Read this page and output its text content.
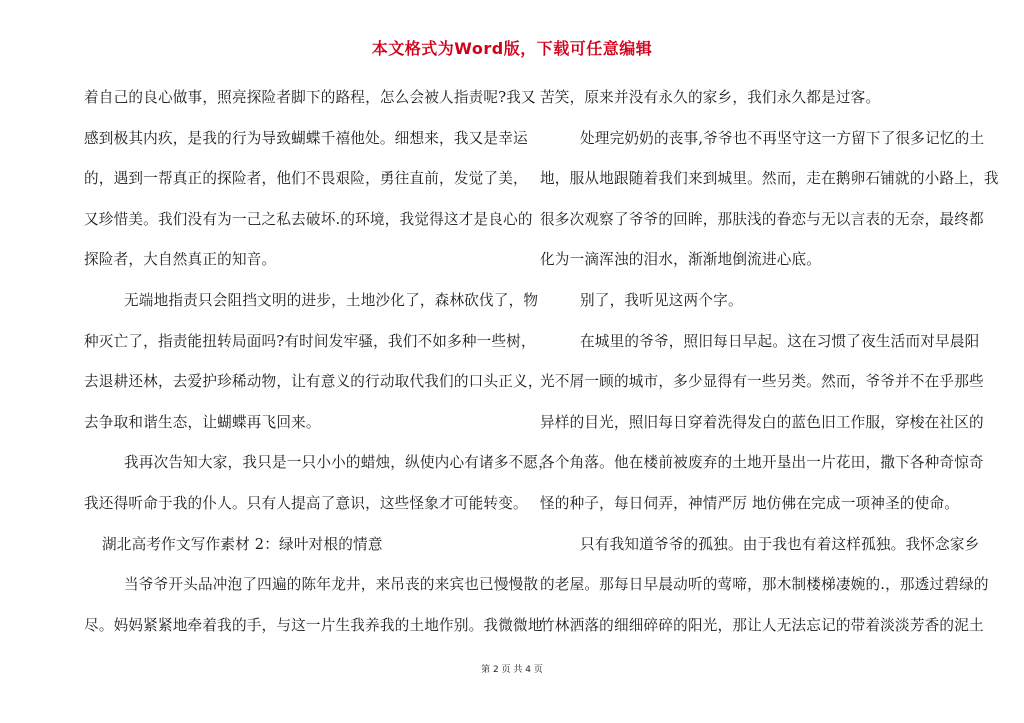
本文格式为Word版，下载可任意编辑
着自己的良心做事，照亮探险者脚下的路程，怎么会被人指责呢?我又
感到极其内疚，是我的行为导致蝴蝶千禧他处。细想来，我又是幸运
的，遇到一帮真正的探险者，他们不畏艰险，勇往直前，发觉了美，
又珍惜美。我们没有为一己之私去破坏.的环境，我觉得这才是良心的
探险者，大自然真正的知音。
无端地指责只会阻挡文明的进步，土地沙化了，森林砍伐了，物
种灭亡了，指责能扭转局面吗?有时间发牢骚，我们不如多种一些树，
去退耕还林，去爱护珍稀动物，让有意义的行动取代我们的口头正义，
去争取和谐生态，让蝴蝶再飞回来。
我再次告知大家，我只是一只小小的蜡烛，纵使内心有诸多不愿，
我还得听命于我的仆人。只有人提高了意识，这些怪象才可能转变。
湖北高考作文写作素材 2：绿叶对根的情意
当爷爷开头品冲泡了四遍的陈年龙井，来吊丧的来宾也已慢慢散
尽。妈妈紧紧地牵着我的手，与这一片生我养我的土地作别。我微微地
苦笑，原来并没有永久的家乡，我们永久都是过客。
处理完奶奶的丧事,爷爷也不再坚守这一方留下了很多记忆的土
地，服从地跟随着我们来到城里。然而，走在鹅卵石铺就的小路上，我
很多次观察了爷爷的回眸，那肤浅的眷恋与无以言表的无奈，最终都
化为一滴浑浊的泪水，渐渐地倒流进心底。
别了，我听见这两个字。
在城里的爷爷，照旧每日早起。这在习惯了夜生活而对早晨阳
光不屑一顾的城市，多少显得有一些另类。然而，爷爷并不在乎那些
异样的目光，照旧每日穿着洗得发白的蓝色旧工作服，穿梭在社区的
各个角落。他在楼前被废弃的土地开垦出一片花田，撒下各种奇惊奇
怪的种子，每日伺弄，神情严厉 地仿佛在完成一项神圣的使命。
只有我知道爷爷的孤独。由于我也有着这样孤独。我怀念家乡
的老屋。那每日早晨动听的莺啼，那木制楼梯凄婉的.，那透过碧绿的
竹林洒落的细细碎碎的阳光，那让人无法忘记的带着淡淡芳香的泥土
第 2 页 共 4 页
